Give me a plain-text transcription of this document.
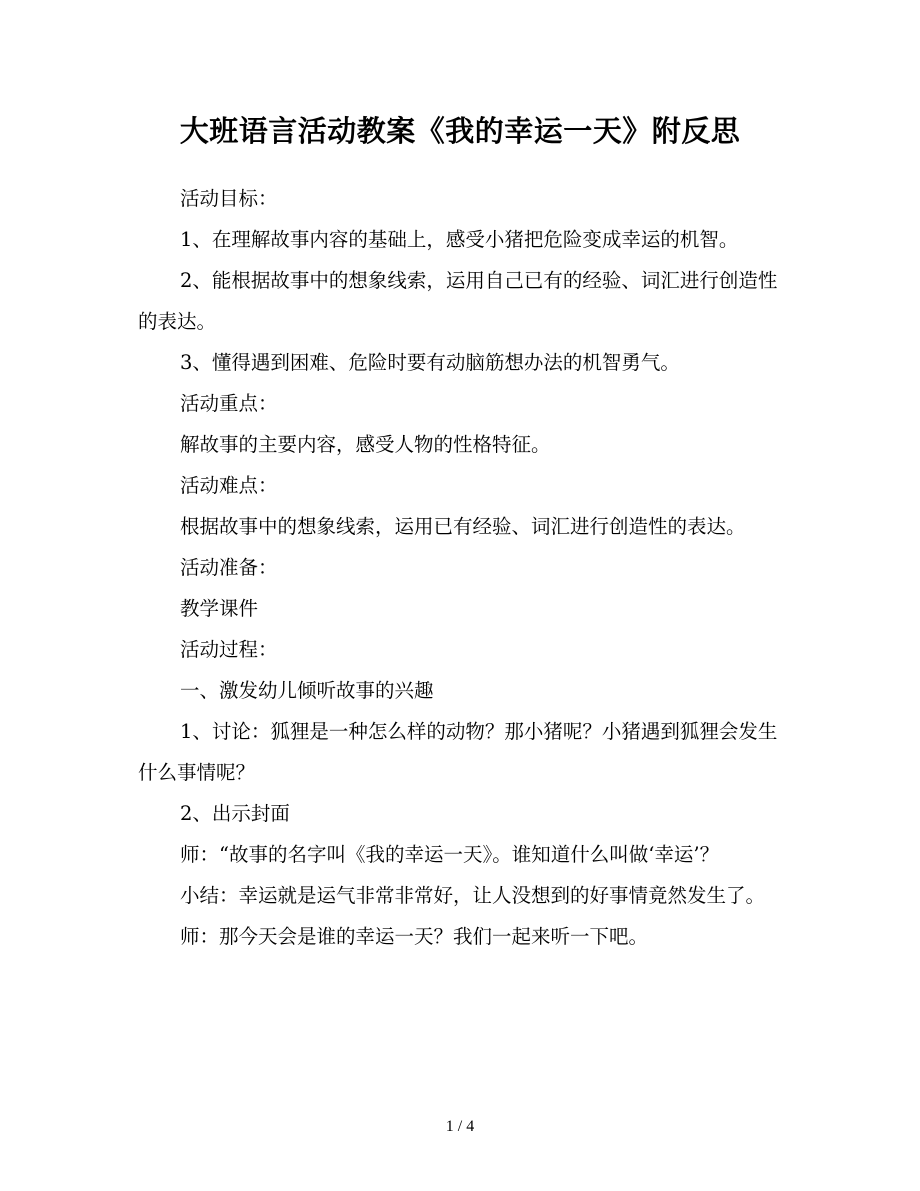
大班语言活动教案《我的幸运一天》附反思

活动目标：

1、在理解故事内容的基础上，感受小猪把危险变成幸运的机智。

2、能根据故事中的想象线索，运用自己已有的经验、词汇进行创造性的表达。

3、懂得遇到困难、危险时要有动脑筋想办法的机智勇气。

活动重点：

解故事的主要内容，感受人物的性格特征。

活动难点：

根据故事中的想象线索，运用已有经验、词汇进行创造性的表达。

活动准备：

教学课件

活动过程：

一、激发幼儿倾听故事的兴趣

1、讨论：狐狸是一种怎么样的动物？那小猪呢？小猪遇到狐狸会发生什么事情呢？

2、出示封面

师：“故事的名字叫《我的幸运一天》。谁知道什么叫做‘幸运’？

小结：幸运就是运气非常非常好，让人没想到的好事情竟然发生了。

师：那今天会是谁的幸运一天？我们一起来听一下吧。

1 / 4
